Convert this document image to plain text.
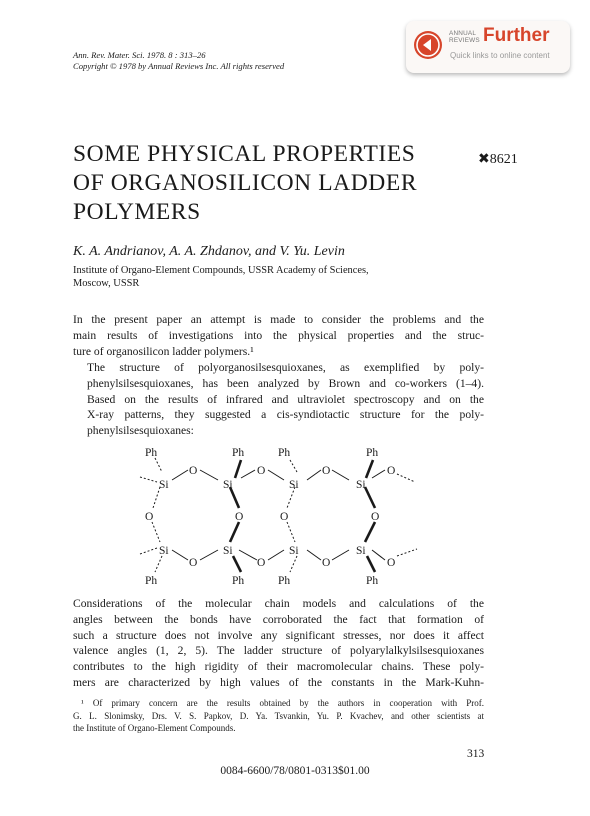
Ann. Rev. Mater. Sci. 1978. 8 : 313–26
Copyright © 1978 by Annual Reviews Inc. All rights reserved
ANNUAL
REVIEWS Further
Quick links to online content
SOME PHYSICAL PROPERTIES
OF ORGANOSILICON LADDER
POLYMERS
✖8621
K. A. Andrianov, A. A. Zhdanov, and V. Yu. Levin
Institute of Organo-Element Compounds, USSR Academy of Sciences,
Moscow, USSR
In the present paper an attempt is made to consider the problems and the
main results of investigations into the physical properties and the struc-
ture of organosilicon ladder polymers.¹
The structure of polyorganosilsesquioxanes, as exemplified by poly-
phenylsilsesquioxanes, has been analyzed by Brown and co-workers (1–4).
Based on the results of infrared and ultraviolet spectroscopy and on the
X-ray patterns, they suggested a cis-syndiotactic structure for the poly-
phenylsilsesquioxanes:
Ph	Ph	Ph	Ph
O	O	O	O
Si	Si	Si	Si
O	O	O	O
Si	Si	Si	Si
O	O	O	O
Ph	Ph	Ph	Ph
Considerations of the molecular chain models and calculations of the
angles between the bonds have corroborated the fact that formation of
such a structure does not involve any significant stresses, nor does it affect
valence angles (1, 2, 5). The ladder structure of polyarylalkylsilsesquioxanes
contributes to the high rigidity of their macromolecular chains. These poly-
mers are characterized by high values of the constants in the Mark-Kuhn-
¹ Of primary concern are the results obtained by the authors in cooperation with Prof.
G. L. Slonimsky, Drs. V. S. Papkov, D. Ya. Tsvankin, Yu. P. Kvachev, and other scientists at
the Institute of Organo-Element Compounds.
313
0084-6600/78/0801-0313$01.00
